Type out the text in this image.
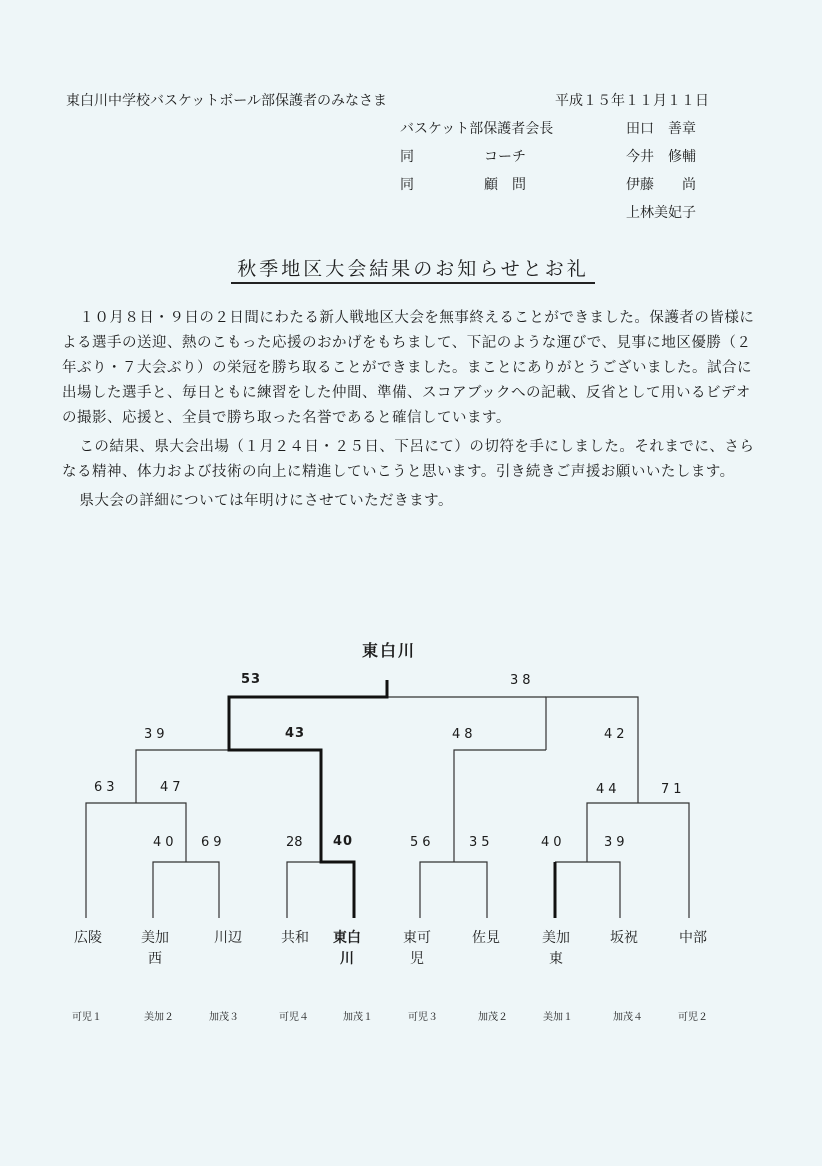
東白川中学校バスケットボール部保護者のみなさま	平成１５年１１月１１日
バスケット部保護者会長	田口　善章
同　　　　　コーチ	今井　修輔
同　　　　　顧　問	伊藤　　尚
上林美妃子
秋季地区大会結果のお知らせとお礼

１０月８日・９日の２日間にわたる新人戦地区大会を無事終えることができました。保護者の皆様による選手の送迎、熱のこもった応援のおかげをもちまして、下記のような運びで、見事に地区優勝（２年ぶり・７大会ぶり）の栄冠を勝ち取ることができました。まことにありがとうございました。試合に出場した選手と、毎日ともに練習をした仲間、準備、スコアブックへの記載、反省として用いるビデオの撮影、応援と、全員で勝ち取った名誉であると確信しています。

この結果、県大会出場（１月２４日・２５日、下呂にて）の切符を手にしました。それまでに、さらなる精神、体力および技術の向上に精進していこうと思います。引き続きご声援お願いいたします。

県大会の詳細については年明けにさせていただきます。

東白川
53	38
39	43	48	42
63	47	44	71
40 69	28 40	56	35	40	39
広陵	美加西
川辺	共和 東白川
東可児
佐見	美加東
坂祝	中部
可児１	美加２	加茂３	可児４	加茂１	可児３	加茂２	美加１	加茂４	可児２
